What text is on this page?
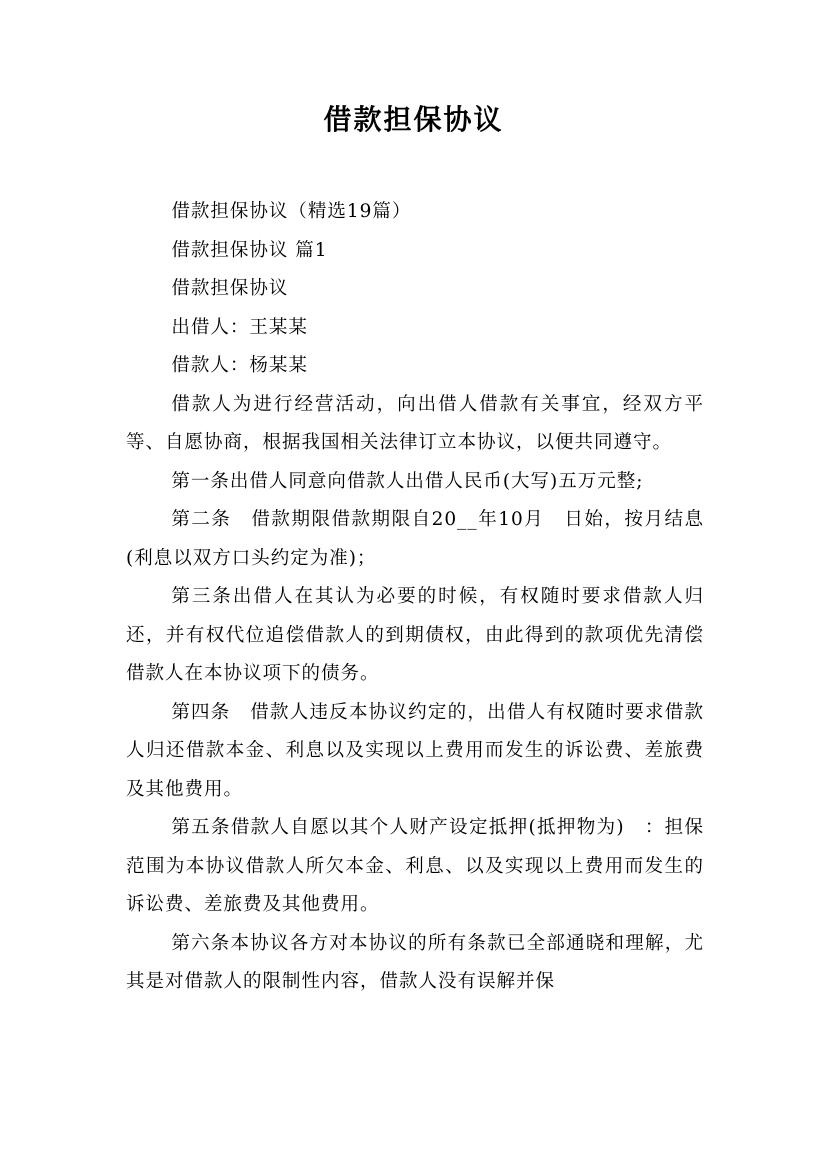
借款担保协议

借款担保协议（精选19篇）

借款担保协议 篇1

借款担保协议

出借人：王某某

借款人：杨某某

借款人为进行经营活动，向出借人借款有关事宜，经双方平等、自愿协商，根据我国相关法律订立本协议，以便共同遵守。

第一条出借人同意向借款人出借人民币(大写)五万元整;

第二条　借款期限借款期限自20__年10月　日始，按月结息(利息以双方口头约定为准)；

第三条出借人在其认为必要的时候，有权随时要求借款人归还，并有权代位追偿借款人的到期债权，由此得到的款项优先清偿借款人在本协议项下的债务。

第四条　借款人违反本协议约定的，出借人有权随时要求借款人归还借款本金、利息以及实现以上费用而发生的诉讼费、差旅费及其他费用。

第五条借款人自愿以其个人财产设定抵押(抵押物为)　：担保范围为本协议借款人所欠本金、利息、以及实现以上费用而发生的诉讼费、差旅费及其他费用。

第六条本协议各方对本协议的所有条款已全部通晓和理解，尤其是对借款人的限制性内容，借款人没有误解并保
